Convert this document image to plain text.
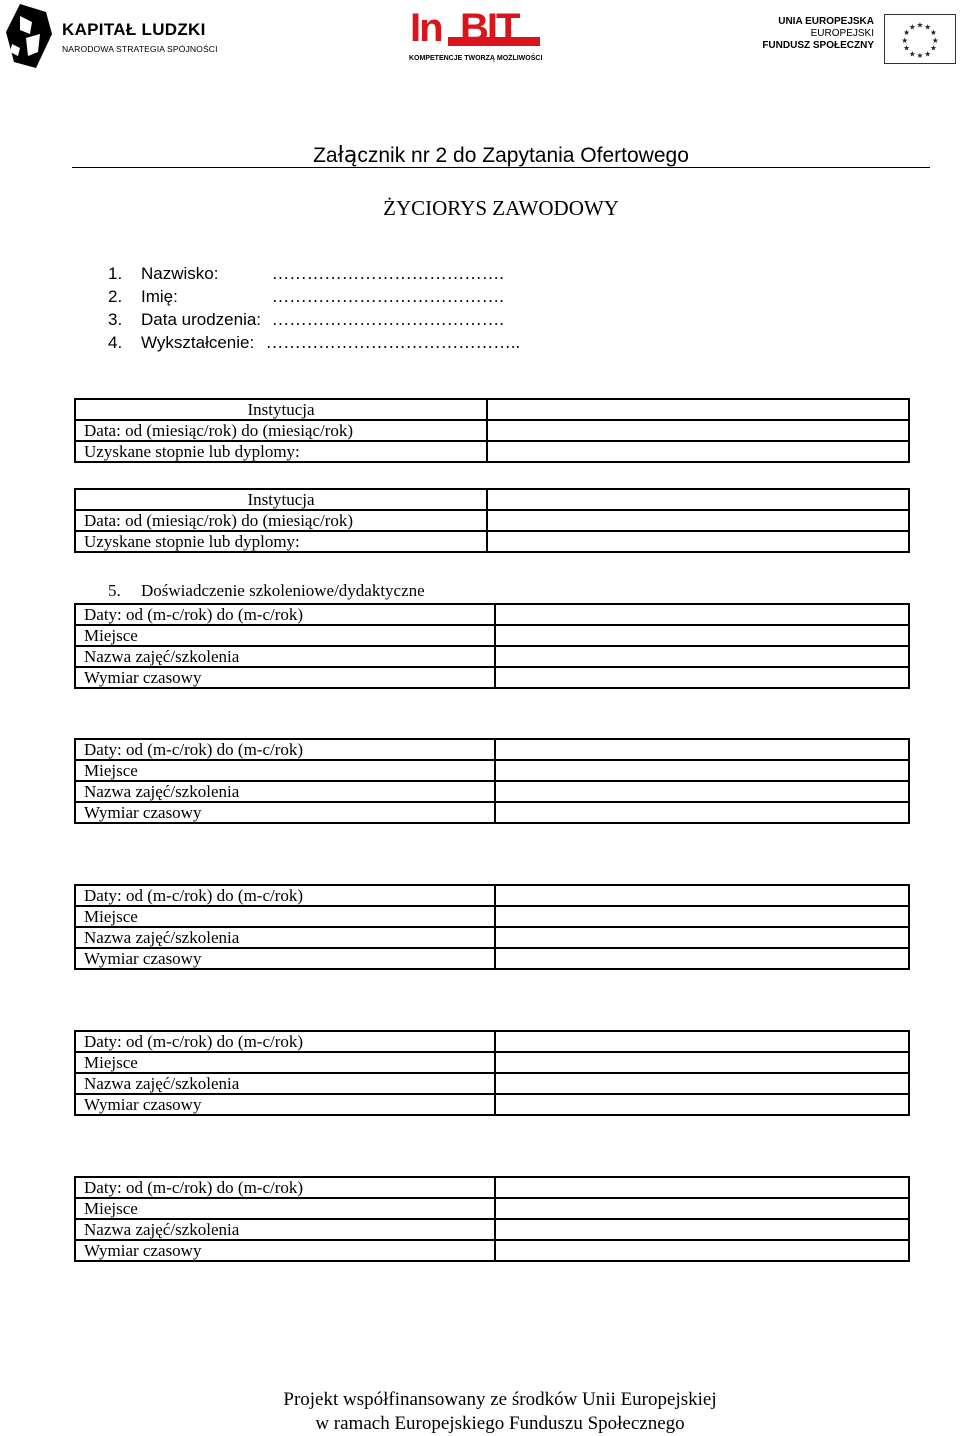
KAPITAŁ LUDZKI
NARODOWA STRATEGIA SPÓJNOŚCI	In BIT
KOMPETENCJE TWORZĄ MOŻLIWOŚCI
UNIA EUROPEJSKA
EUROPEJSKI
FUNDUSZ SPOŁECZNY
★ ★
★
★
★
★
★
★
★
★
★
★
Załącznik nr 2 do Zapytania Ofertowego
ŻYCIORYS ZAWODOWY
1. Nazwisko:	………………………………….
2. Imię:	………………………………….
3. Data urodzenia: ………………………………….
4. Wykształcenie: ……………………………………..
Instytucja	
Data: od (miesiąc/rok) do (miesiąc/rok)	
Uzyskane stopnie lub dyplomy:	
Instytucja	
Data: od (miesiąc/rok) do (miesiąc/rok)	
Uzyskane stopnie lub dyplomy:	
5. Doświadczenie szkoleniowe/dydaktyczne
Daty: od (m-c/rok) do (m-c/rok)	
Miejsce	
Nazwa zajęć/szkolenia	
Wymiar czasowy	
Daty: od (m-c/rok) do (m-c/rok)	
Miejsce	
Nazwa zajęć/szkolenia	
Wymiar czasowy	
Daty: od (m-c/rok) do (m-c/rok)	
Miejsce	
Nazwa zajęć/szkolenia	
Wymiar czasowy	
Daty: od (m-c/rok) do (m-c/rok)	
Miejsce	
Nazwa zajęć/szkolenia	
Wymiar czasowy	
Daty: od (m-c/rok) do (m-c/rok)	
Miejsce	
Nazwa zajęć/szkolenia	
Wymiar czasowy	
Projekt współfinansowany ze środków Unii Europejskiej
w ramach Europejskiego Funduszu Społecznego
